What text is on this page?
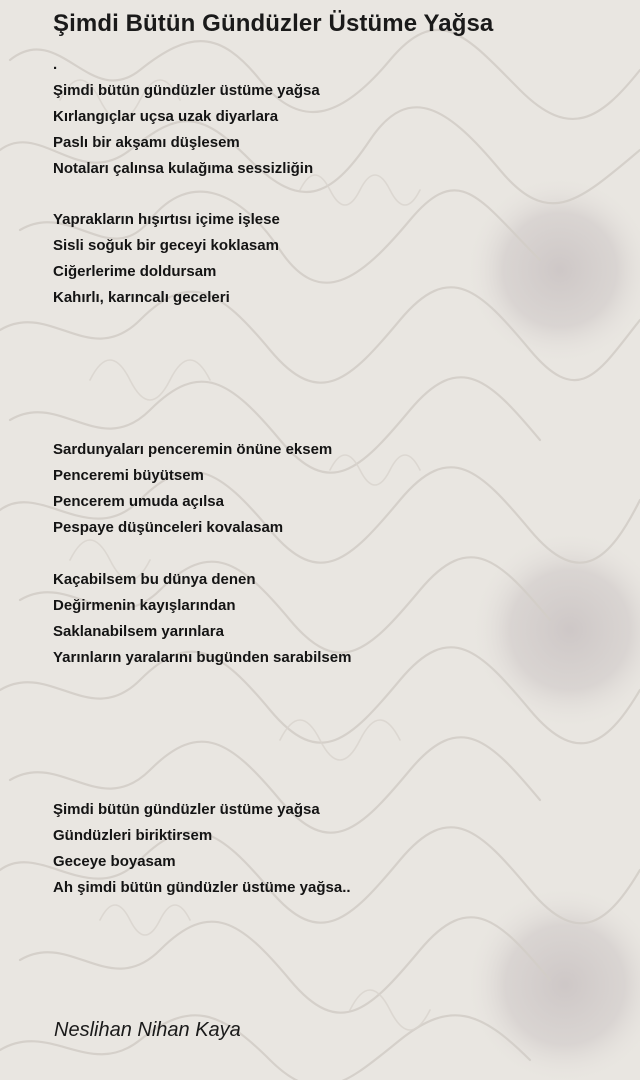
Şimdi Bütün Gündüzler Üstüme Yağsa
.
Şimdi bütün gündüzler üstüme yağsa
Kırlangıçlar uçsa uzak diyarlara
Paslı bir akşamı düşlesem
Notaları çalınsa kulağıma sessizliğin
Yaprakların hışırtısı içime işlese
Sisli soğuk bir geceyi koklasam
Ciğerlerime doldursam
Kahırlı, karıncalı geceleri
Sardunyaları penceremin önüne eksem
Penceremi büyütsem
Pencerem umuda açılsa
Pespaye düşünceleri kovalasam
Kaçabilsem bu dünya denen
Değirmenin kayışlarından
Saklanabilsem yarınlara
Yarınların yaralarını bugünden sarabilsem
Şimdi bütün gündüzler üstüme yağsa
Gündüzleri biriktirsem
Geceye boyasam
Ah şimdi bütün gündüzler üstüme yağsa..
Neslihan Nihan Kaya
